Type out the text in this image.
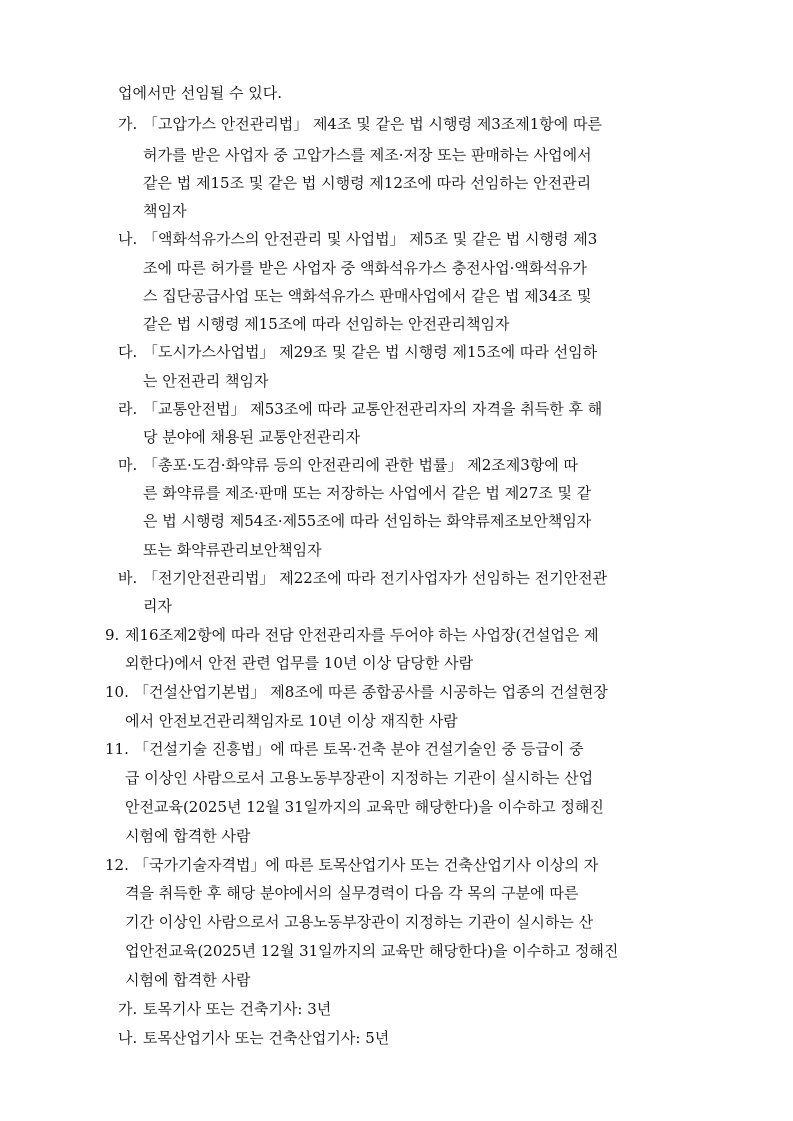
업에서만 선임될 수 있다.
가. 「고압가스 안전관리법」 제4조 및 같은 법 시행령 제3조제1항에 따른
허가를 받은 사업자 중 고압가스를 제조·저장 또는 판매하는 사업에서
같은 법 제15조 및 같은 법 시행령 제12조에 따라 선임하는 안전관리
책임자
나. 「액화석유가스의 안전관리 및 사업법」 제5조 및 같은 법 시행령 제3
조에 따른 허가를 받은 사업자 중 액화석유가스 충전사업·액화석유가
스 집단공급사업 또는 액화석유가스 판매사업에서 같은 법 제34조 및
같은 법 시행령 제15조에 따라 선임하는 안전관리책임자
다. 「도시가스사업법」 제29조 및 같은 법 시행령 제15조에 따라 선임하
는 안전관리 책임자
라. 「교통안전법」 제53조에 따라 교통안전관리자의 자격을 취득한 후 해
당 분야에 채용된 교통안전관리자
마. 「총포·도검·화약류 등의 안전관리에 관한 법률」 제2조제3항에 따
른 화약류를 제조·판매 또는 저장하는 사업에서 같은 법 제27조 및 같
은 법 시행령 제54조·제55조에 따라 선임하는 화약류제조보안책임자
또는 화약류관리보안책임자
바. 「전기안전관리법」 제22조에 따라 전기사업자가 선임하는 전기안전관
리자
9. 제16조제2항에 따라 전담 안전관리자를 두어야 하는 사업장(건설업은 제
외한다)에서 안전 관련 업무를 10년 이상 담당한 사람
10. 「건설산업기본법」 제8조에 따른 종합공사를 시공하는 업종의 건설현장
에서 안전보건관리책임자로 10년 이상 재직한 사람
11. 「건설기술 진흥법」에 따른 토목·건축 분야 건설기술인 중 등급이 중
급 이상인 사람으로서 고용노동부장관이 지정하는 기관이 실시하는 산업
안전교육(2025년 12월 31일까지의 교육만 해당한다)을 이수하고 정해진
시험에 합격한 사람
12. 「국가기술자격법」에 따른 토목산업기사 또는 건축산업기사 이상의 자
격을 취득한 후 해당 분야에서의 실무경력이 다음 각 목의 구분에 따른
기간 이상인 사람으로서 고용노동부장관이 지정하는 기관이 실시하는 산
업안전교육(2025년 12월 31일까지의 교육만 해당한다)을 이수하고 정해진
시험에 합격한 사람
가. 토목기사 또는 건축기사: 3년
나. 토목산업기사 또는 건축산업기사: 5년
